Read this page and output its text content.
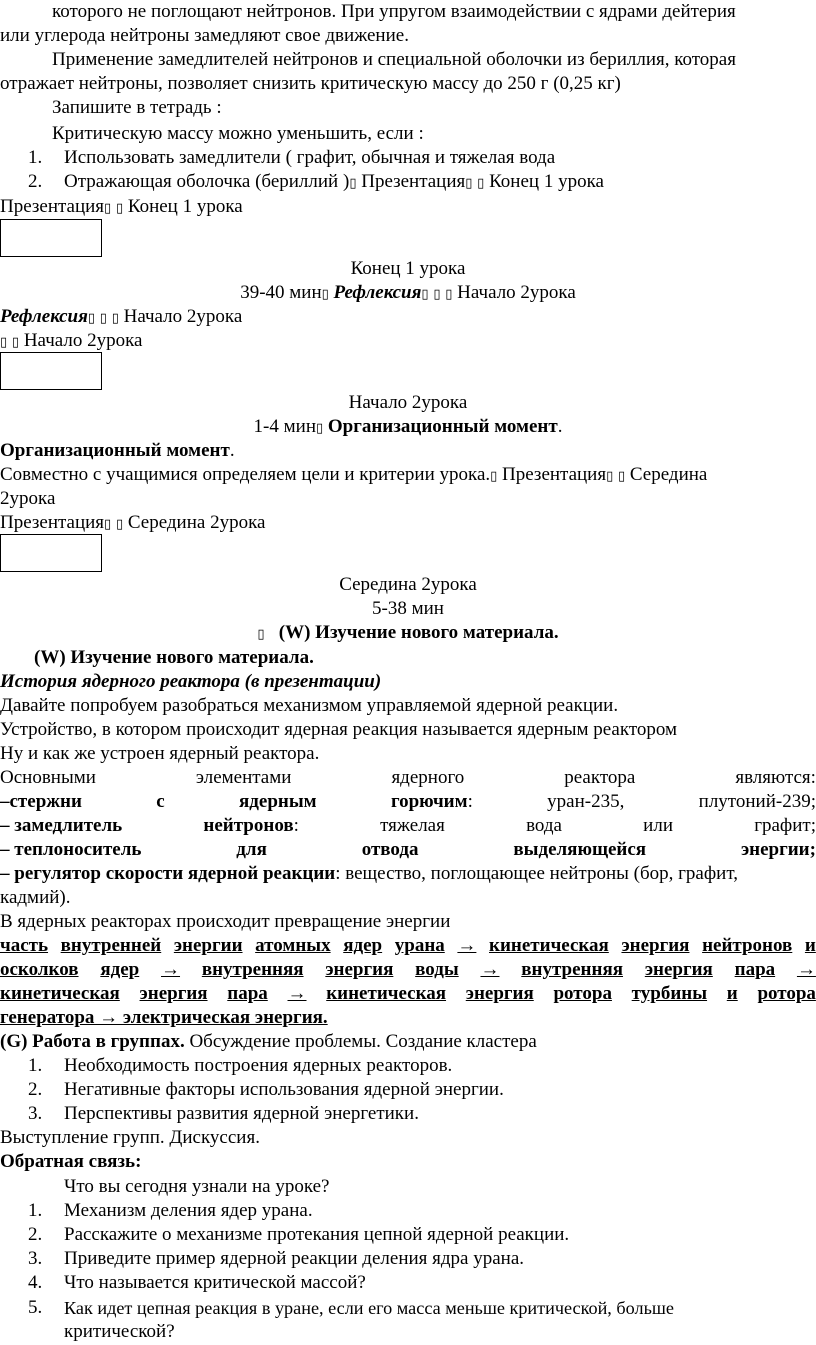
которого не поглощают нейтронов. При упругом взаимодействии с ядрами дейтерия
или углерода нейтроны замедляют свое движение.
Применение замедлителей нейтронов и специальной оболочки из бериллия, которая
отражает нейтроны, позволяет снизить критическую массу до 250 г (0,25 кг)
Запишите в тетрадь :
Критическую массу можно уменьшить, если :
1. Использовать замедлители ( графит, обычная и тяжелая вода
2. Отражающая оболочка (бериллий )▯ Презентация▯ ▯ Конец 1 урока
Презентация▯ ▯ Конец 1 урока
Конец 1 урока
39-40 мин▯ Рефлексия▯ ▯ ▯ Начало 2урока
Рефлексия▯ ▯ ▯ Начало 2урока
▯ ▯ Начало 2урока
Начало 2урока
1-4 мин▯ Организационный момент.
Организационный момент.
Совместно с учащимися определяем цели и критерии урока.▯ Презентация▯ ▯ Середина
2урока
Презентация▯ ▯ Середина 2урока
Середина 2урока
5-38 мин
▯ (W) Изучение нового материала.
(W) Изучение нового материала.
История ядерного реактора (в презентации)
Давайте попробуем разобраться механизмом управляемой ядерной реакции.
Устройство, в котором происходит ядерная реакция называется ядерным реактором
Ну и как же устроен ядерный реактора.
Основными	элементами	ядерного	реактора	являются:
–стержни	с	ядерным	горючим:	уран-235,	плутоний-239;
– замедлитель	нейтронов:	тяжелая	вода	или	графит;
– теплоноситель	для	отвода	выделяющейся	энергии;
– регулятор скорости ядерной реакции: вещество, поглощающее нейтроны (бор, графит,
кадмий).
В ядерных реакторах происходит превращение энергии
часть внутренней энергии атомных ядер урана → кинетическая энергия нейтронов и
осколков ядер → внутренняя энергия воды → внутренняя энергия пара →
кинетическая энергия пара → кинетическая энергия ротора турбины и ротора
генератора → электрическая энергия.
(G) Работа в группах. Обсуждение проблемы. Создание кластера
1. Необходимость построения ядерных реакторов.
2. Негативные факторы использования ядерной энергии.
3. Перспективы развития ядерной энергетики.
Выступление групп. Дискуссия.
Обратная связь:
Что вы сегодня узнали на уроке?
1. Механизм деления ядер урана.
2. Расскажите о механизме протекания цепной ядерной реакции.
3. Приведите пример ядерной реакции деления ядра урана.
4. Что называется критической массой?
5. Как идет цепная реакция в уране, если его масса меньше критической, больше
критической?
